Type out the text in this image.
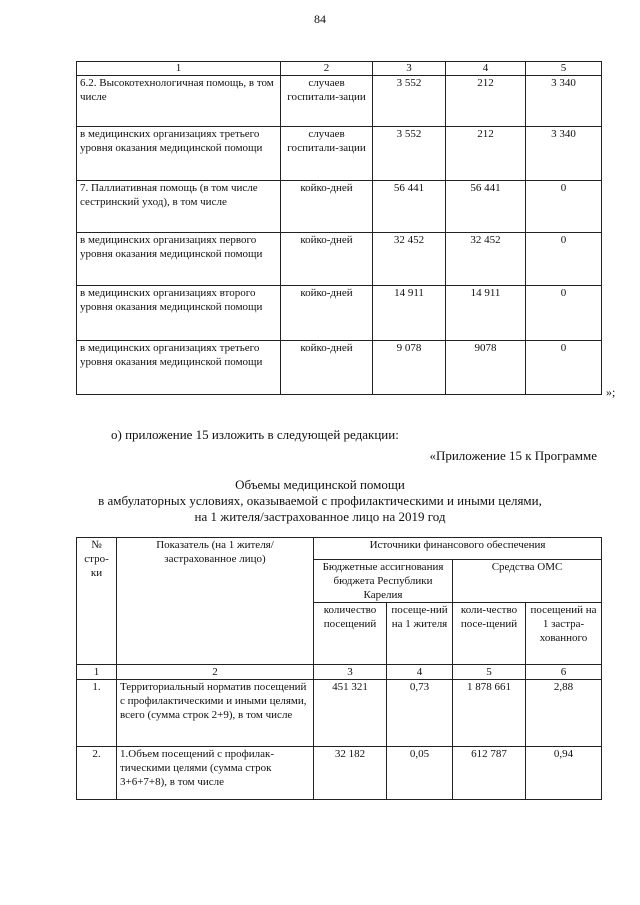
84
1	2	3	4	5
6.2. Высокотехнологичная помощь, в том числе	случаев госпитали-зации	3 552	212	3 340
в медицинских организациях третьего уровня оказания медицинской помощи	случаев госпитали-зации	3 552	212	3 340
7. Паллиативная помощь (в том числе сестринский уход), в том числе	койко-дней	56 441	56 441	0
в медицинских организациях первого уровня оказания медицинской помощи	койко-дней	32 452	32 452	0
в медицинских организациях второго уровня оказания медицинской помощи	койко-дней	14 911	14 911	0
в медицинских организациях третьего уровня оказания медицинской помощи	койко-дней	9 078	9078	0
»;
о) приложение 15 изложить в следующей редакции:
«Приложение 15 к Программе
Объемы медицинской помощи
в амбулаторных условиях, оказываемой с профилактическими и иными целями,
на 1 жителя/застрахованное лицо на 2019 год
№ стро-ки	Показатель (на 1 жителя/ застрахованное лицо)	Источники финансового обеспечения			
		Бюджетные ассигнования бюджета Республики Карелия		Средства ОМС	
		количество посещений	посеще-ний на 1 жителя	коли-чество посе-щений	посещений на 1 застра-хованного
1	2	3	4	5	6
1.	Территориальный норматив посещений с профилактическими и иными целями, всего (сумма строк 2+9), в том числе	451 321	0,73	1 878 661	2,88
2.	1.Объем посещений с профилак-тическими целями (сумма строк 3+6+7+8), в том числе	32 182	0,05	612 787	0,94
